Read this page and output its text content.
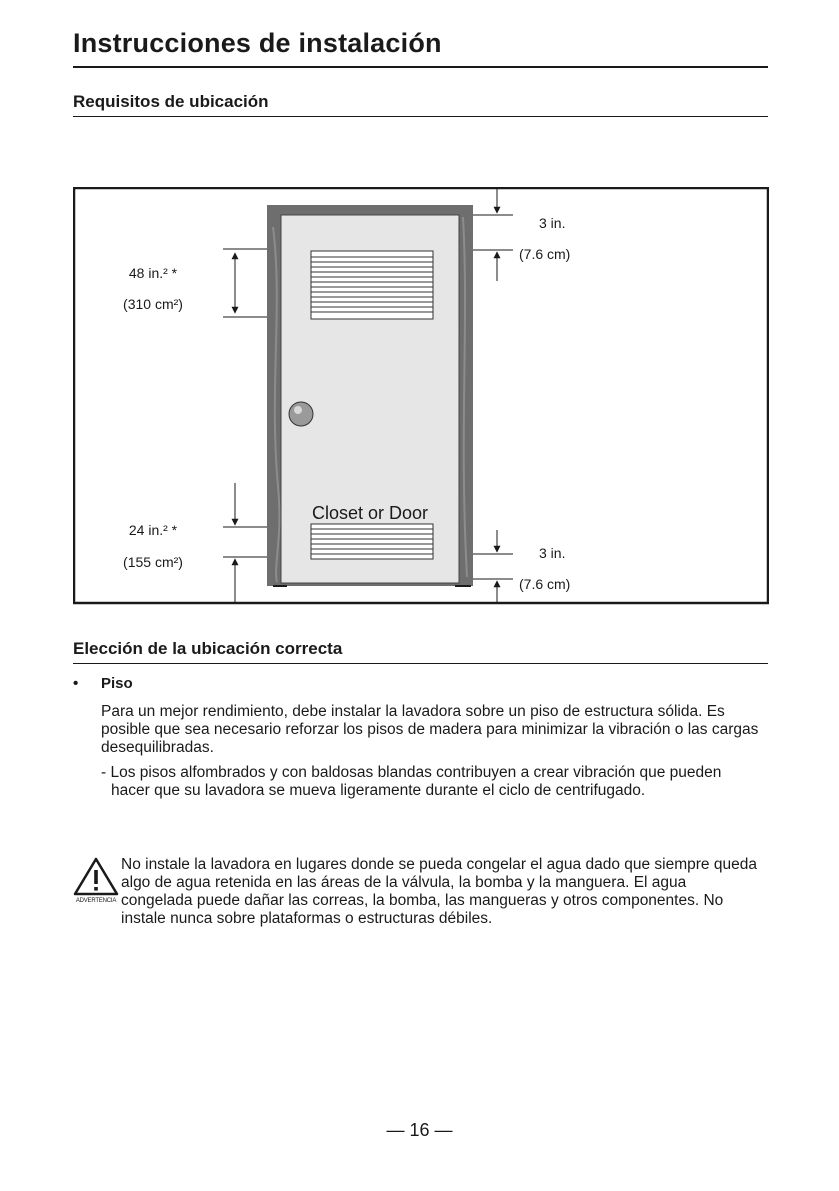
Instrucciones de instalación
Requisitos de ubicación
48 in.² *
(310 cm²)
24 in.² *
(155 cm²)
3 in.
(7.6 cm)
3 in.
(7.6 cm)
Closet or Door
Elección de la ubicación correcta
• Piso

Para un mejor rendimiento, debe instalar la lavadora sobre un piso de estructura sólida. Es posible que sea necesario reforzar los pisos de madera para minimizar la vibración o las cargas desequilibradas.

- Los pisos alfombrados y con baldosas blandas contribuyen a crear vibración que pueden hacer que su lavadora se mueva ligeramente durante el ciclo de centrifugado.

ADVERTENCIA

No instale la lavadora en lugares donde se pueda congelar el agua dado que siempre queda algo de agua retenida en las áreas de la válvula, la bomba y la manguera. El agua congelada puede dañar las correas, la bomba, las mangueras y otros componentes. No instale nunca sobre plataformas o estructuras débiles.

— 16 —
